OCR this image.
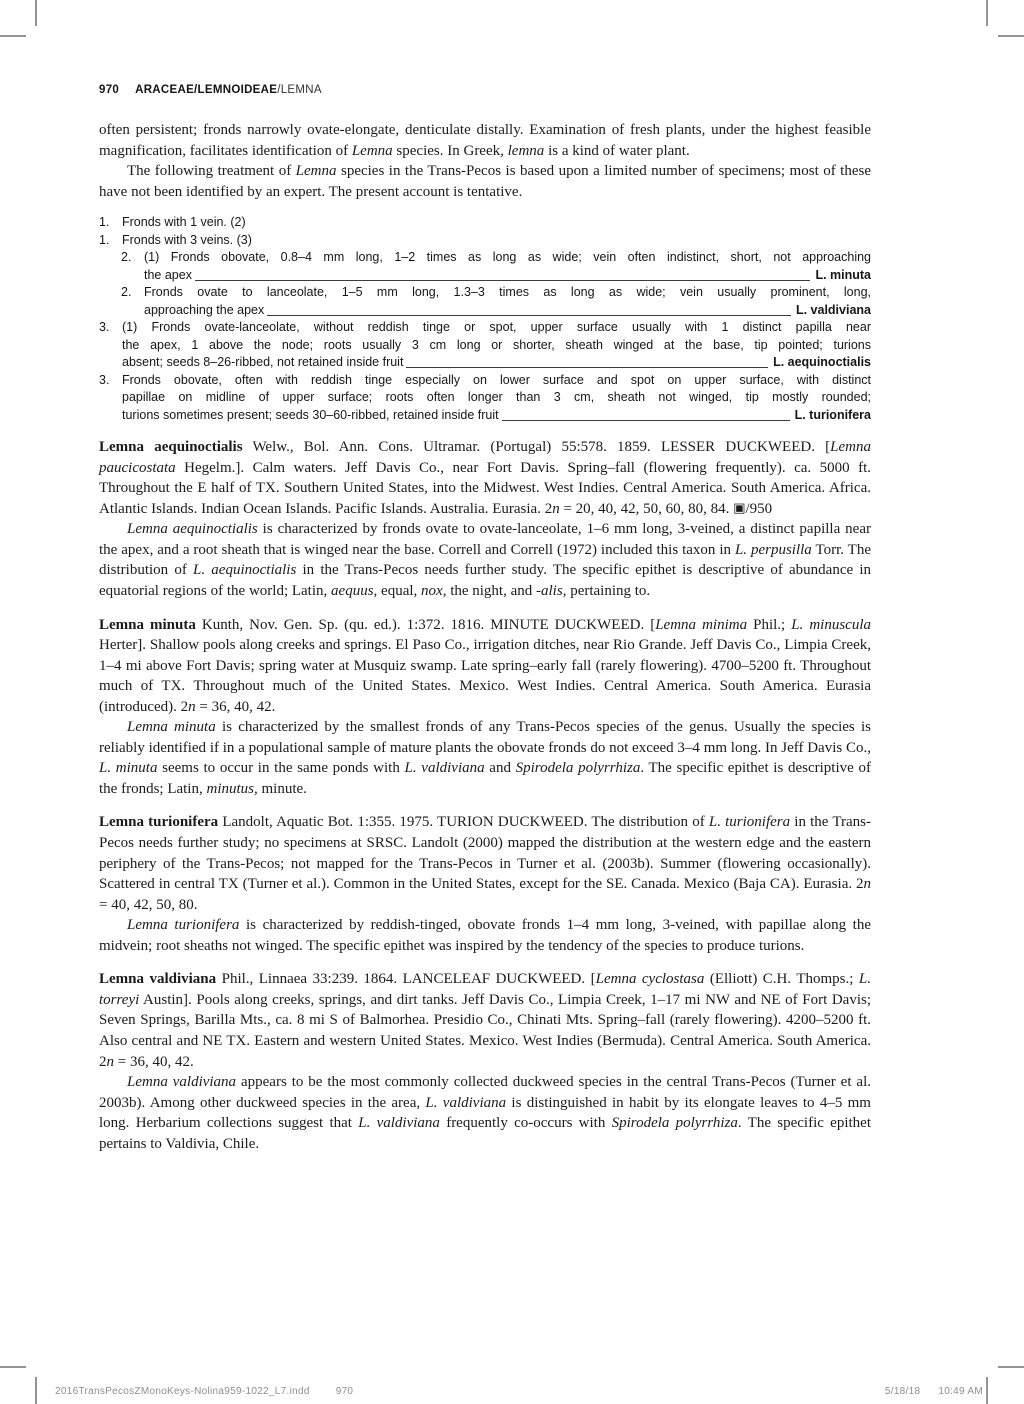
970 ARACEAE/LEMNOIDEAE/LEMNA

often persistent; fronds narrowly ovate-elongate, denticulate distally. Examination of fresh plants, under the highest feasible magnification, facilitates identification of Lemna species. In Greek, lemna is a kind of water plant.

The following treatment of Lemna species in the Trans-Pecos is based upon a limited number of specimens; most of these have not been identified by an expert. The present account is tentative.

1. Fronds with 1 vein. (2)
1. Fronds with 3 veins. (3)
2. (1) Fronds obovate, 0.8–4 mm long, 1–2 times as long as wide; vein often indistinct, short, not approaching
the apex	L. minuta
2. Fronds ovate to lanceolate, 1–5 mm long, 1.3–3 times as long as wide; vein usually prominent, long,
approaching the apex	L. valdiviana
3. (1) Fronds ovate-lanceolate, without reddish tinge or spot, upper surface usually with 1 distinct papilla near
the apex, 1 above the node; roots usually 3 cm long or shorter, sheath winged at the base, tip pointed; turions
absent; seeds 8–26-ribbed, not retained inside fruit	L. aequinoctialis
3. Fronds obovate, often with reddish tinge especially on lower surface and spot on upper surface, with distinct
papillae on midline of upper surface; roots often longer than 3 cm, sheath not winged, tip mostly rounded;
turions sometimes present; seeds 30–60-ribbed, retained inside fruit	L. turionifera

Lemna aequinoctialis Welw., Bol. Ann. Cons. Ultramar. (Portugal) 55:578. 1859. LESSER DUCKWEED. [Lemna paucicostata Hegelm.]. Calm waters. Jeff Davis Co., near Fort Davis. Spring–fall (flowering frequently). ca. 5000 ft. Throughout the E half of TX. Southern United States, into the Midwest. West Indies. Central America. South America. Africa. Atlantic Islands. Indian Ocean Islands. Pacific Islands. Australia. Eurasia. 2n = 20, 40, 42, 50, 60, 80, 84. ▣/950

Lemna aequinoctialis is characterized by fronds ovate to ovate-lanceolate, 1–6 mm long, 3-veined, a distinct papilla near the apex, and a root sheath that is winged near the base. Correll and Correll (1972) included this taxon in L. perpusilla Torr. The distribution of L. aequinoctialis in the Trans-Pecos needs further study. The specific epithet is descriptive of abundance in equatorial regions of the world; Latin, aequus, equal, nox, the night, and -alis, pertaining to.

Lemna minuta Kunth, Nov. Gen. Sp. (qu. ed.). 1:372. 1816. MINUTE DUCKWEED. [Lemna minima Phil.; L. minuscula Herter]. Shallow pools along creeks and springs. El Paso Co., irrigation ditches, near Rio Grande. Jeff Davis Co., Limpia Creek, 1–4 mi above Fort Davis; spring water at Musquiz swamp. Late spring–early fall (rarely flowering). 4700–5200 ft. Throughout much of TX. Throughout much of the United States. Mexico. West Indies. Central America. South America. Eurasia (introduced). 2n = 36, 40, 42.

Lemna minuta is characterized by the smallest fronds of any Trans-Pecos species of the genus. Usually the species is reliably identified if in a populational sample of mature plants the obovate fronds do not exceed 3–4 mm long. In Jeff Davis Co., L. minuta seems to occur in the same ponds with L. valdiviana and Spirodela polyrrhiza. The specific epithet is descriptive of the fronds; Latin, minutus, minute.

Lemna turionifera Landolt, Aquatic Bot. 1:355. 1975. TURION DUCKWEED. The distribution of L. turionifera in the Trans-Pecos needs further study; no specimens at SRSC. Landolt (2000) mapped the distribution at the western edge and the eastern periphery of the Trans-Pecos; not mapped for the Trans-Pecos in Turner et al. (2003b). Summer (flowering occasionally). Scattered in central TX (Turner et al.). Common in the United States, except for the SE. Canada. Mexico (Baja CA). Eurasia. 2n = 40, 42, 50, 80.

Lemna turionifera is characterized by reddish-tinged, obovate fronds 1–4 mm long, 3-veined, with papillae along the midvein; root sheaths not winged. The specific epithet was inspired by the tendency of the species to produce turions.

Lemna valdiviana Phil., Linnaea 33:239. 1864. LANCELEAF DUCKWEED. [Lemna cyclostasa (Elliott) C.H. Thomps.; L. torreyi Austin]. Pools along creeks, springs, and dirt tanks. Jeff Davis Co., Limpia Creek, 1–17 mi NW and NE of Fort Davis; Seven Springs, Barilla Mts., ca. 8 mi S of Balmorhea. Presidio Co., Chinati Mts. Spring–fall (rarely flowering). 4200–5200 ft. Also central and NE TX. Eastern and western United States. Mexico. West Indies (Bermuda). Central America. South America. 2n = 36, 40, 42.

Lemna valdiviana appears to be the most commonly collected duckweed species in the central Trans-Pecos (Turner et al. 2003b). Among other duckweed species in the area, L. valdiviana is distinguished in habit by its elongate leaves to 4–5 mm long. Herbarium collections suggest that L. valdiviana frequently co-occurs with Spirodela polyrrhiza. The specific epithet pertains to Valdivia, Chile.

2016TransPecosZMonoKeys-Nolina959-1022_L7.indd	970	5/18/18 10:49 AM
